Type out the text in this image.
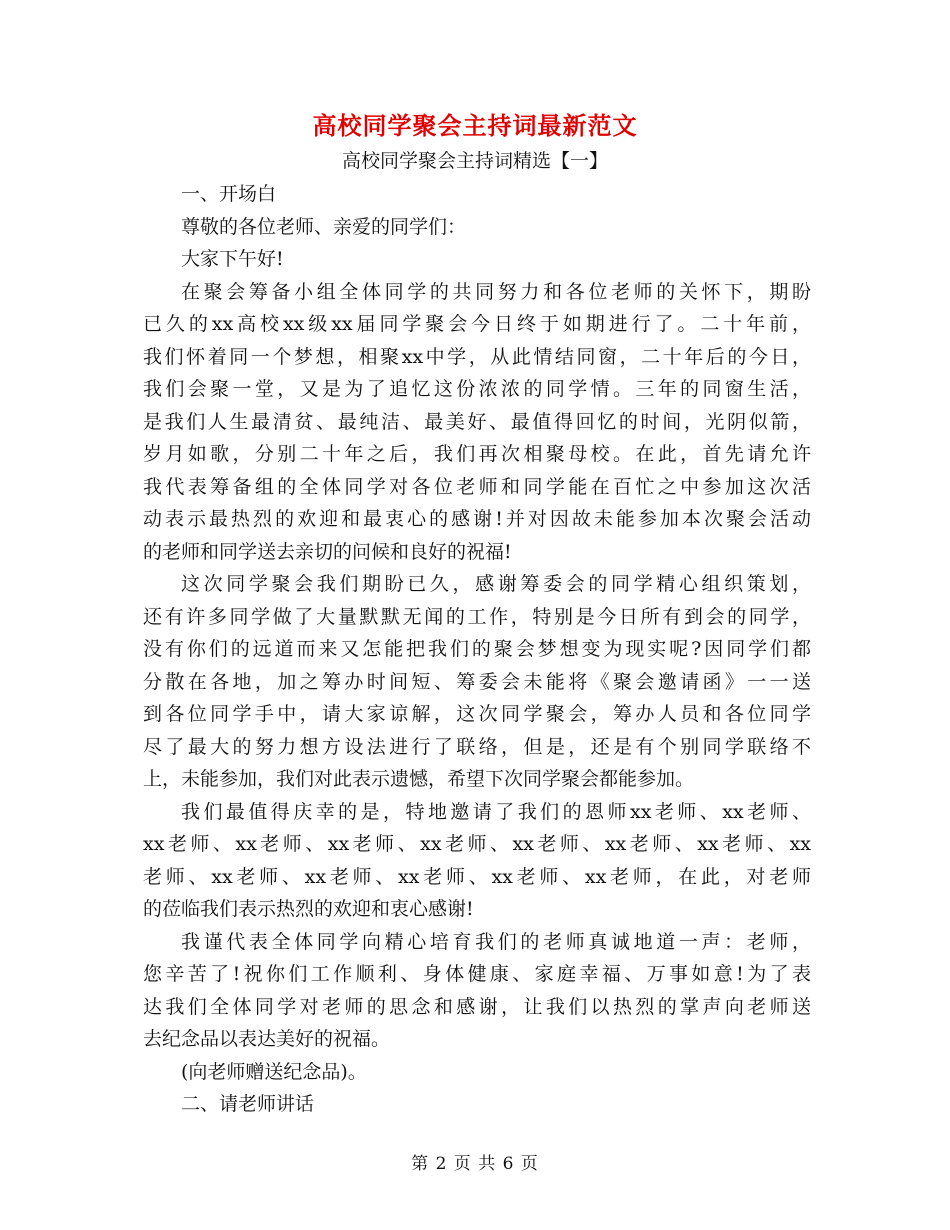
高校同学聚会主持词最新范文
高校同学聚会主持词精选【一】

一、开场白

尊敬的各位老师、亲爱的同学们：

大家下午好!

在聚会筹备小组全体同学的共同努力和各位老师的关怀下，期盼

已久的xx高校xx级xx届同学聚会今日终于如期进行了。二十年前，

我们怀着同一个梦想，相聚xx中学，从此情结同窗，二十年后的今日，

我们会聚一堂，又是为了追忆这份浓浓的同学情。三年的同窗生活，

是我们人生最清贫、最纯洁、最美好、最值得回忆的时间，光阴似箭，

岁月如歌，分别二十年之后，我们再次相聚母校。在此，首先请允许

我代表筹备组的全体同学对各位老师和同学能在百忙之中参加这次活

动表示最热烈的欢迎和最衷心的感谢!并对因故未能参加本次聚会活动

的老师和同学送去亲切的问候和良好的祝福!

这次同学聚会我们期盼已久，感谢筹委会的同学精心组织策划，

还有许多同学做了大量默默无闻的工作，特别是今日所有到会的同学，

没有你们的远道而来又怎能把我们的聚会梦想变为现实呢?因同学们都

分散在各地，加之筹办时间短、筹委会未能将《聚会邀请函》一一送

到各位同学手中，请大家谅解，这次同学聚会，筹办人员和各位同学

尽了最大的努力想方设法进行了联络，但是，还是有个别同学联络不

上，未能参加，我们对此表示遗憾，希望下次同学聚会都能参加。

我们最值得庆幸的是，特地邀请了我们的恩师xx老师、xx老师、

xx老师、xx老师、xx老师、xx老师、xx老师、xx老师、xx老师、xx

老师、xx老师、xx老师、xx老师、xx老师、xx老师，在此，对老师

的莅临我们表示热烈的欢迎和衷心感谢!

我谨代表全体同学向精心培育我们的老师真诚地道一声：老师，

您辛苦了!祝你们工作顺利、身体健康、家庭幸福、万事如意!为了表

达我们全体同学对老师的思念和感谢，让我们以热烈的掌声向老师送

去纪念品以表达美好的祝福。

(向老师赠送纪念品)。

二、请老师讲话

第 2 页 共 6 页
